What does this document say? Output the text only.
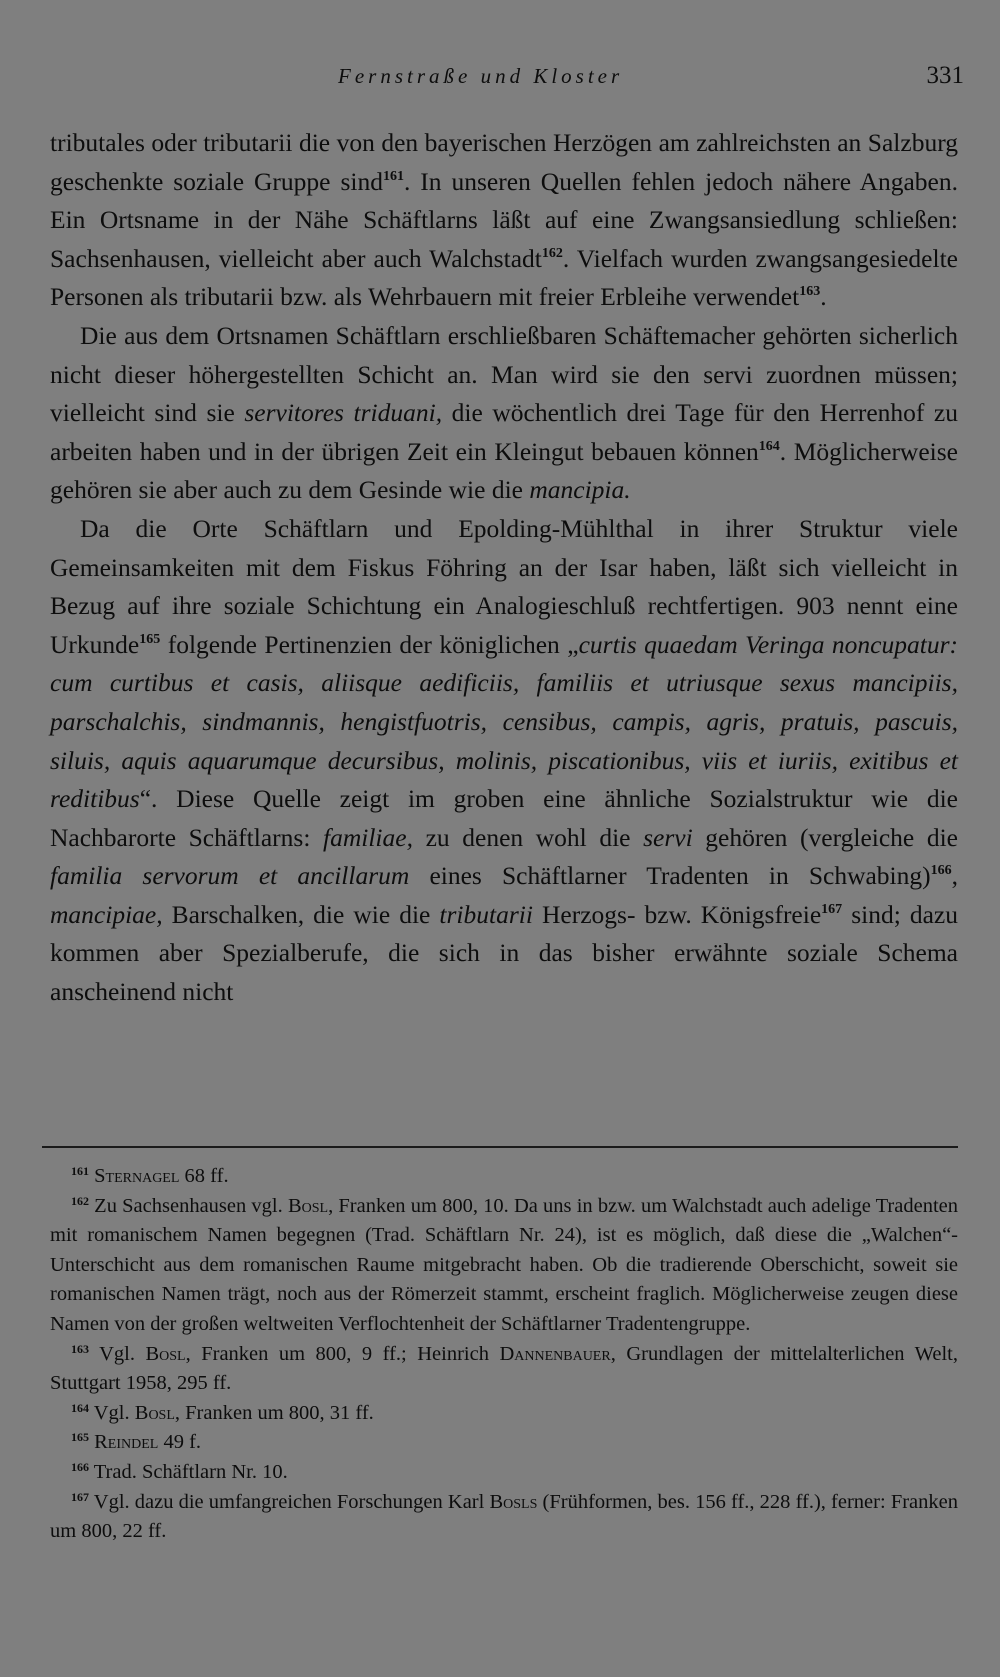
Fernstraße und Kloster	331

tributales oder tributarii die von den bayerischen Herzögen am zahlreichsten an Salzburg geschenkte soziale Gruppe sind$^{161}$. In unseren Quellen fehlen jedoch nähere Angaben. Ein Ortsname in der Nähe Schäftlarns läßt auf eine Zwangsansiedlung schließen: Sachsenhausen, vielleicht aber auch Walchstadt$^{162}$. Vielfach wurden zwangsangesiedelte Personen als tributarii bzw. als Wehrbauern mit freier Erbleihe verwendet$^{163}$.

Die aus dem Ortsnamen Schäftlarn erschließbaren Schäftemacher gehörten sicherlich nicht dieser höhergestellten Schicht an. Man wird sie den servi zuordnen müssen; vielleicht sind sie servitores triduani, die wöchentlich drei Tage für den Herrenhof zu arbeiten haben und in der übrigen Zeit ein Kleingut bebauen können$^{164}$. Möglicherweise gehören sie aber auch zu dem Gesinde wie die mancipia.

Da die Orte Schäftlarn und Epolding-Mühlthal in ihrer Struktur viele Gemeinsamkeiten mit dem Fiskus Föhring an der Isar haben, läßt sich vielleicht in Bezug auf ihre soziale Schichtung ein Analogieschluß rechtfertigen. 903 nennt eine Urkunde$^{165}$ folgende Pertinenzien der königlichen „curtis quaedam Veringa noncupatur: cum curtibus et casis, aliisque aedificiis, familiis et utriusque sexus mancipiis, parschalchis, sindmannis, hengistfuotris, censibus, campis, agris, pratuis, pascuis, siluis, aquis aquarumque decursibus, molinis, piscationibus, viis et iuriis, exitibus et reditibus“. Diese Quelle zeigt im groben eine ähnliche Sozialstruktur wie die Nachbarorte Schäftlarns: familiae, zu denen wohl die servi gehören (vergleiche die familia servorum et ancillarum eines Schäftlarner Tradenten in Schwabing)$^{166}$, mancipiae, Barschalken, die wie die tributarii Herzogs- bzw. Königsfreie$^{167}$ sind; dazu kommen aber Spezialberufe, die sich in das bisher erwähnte soziale Schema anscheinend nicht

$^{161}$ Sternagel 68 ff.

$^{162}$ Zu Sachsenhausen vgl. Bosl, Franken um 800, 10. Da uns in bzw. um Walchstadt auch adelige Tradenten mit romanischem Namen begegnen (Trad. Schäftlarn Nr. 24), ist es möglich, daß diese die „Walchen“-Unterschicht aus dem romanischen Raume mitgebracht haben. Ob die tradierende Oberschicht, soweit sie romanischen Namen trägt, noch aus der Römerzeit stammt, erscheint fraglich. Möglicherweise zeugen diese Namen von der großen weltweiten Verflochtenheit der Schäftlarner Tradentengruppe.

$^{163}$ Vgl. Bosl, Franken um 800, 9 ff.; Heinrich Dannenbauer, Grundlagen der mittelalterlichen Welt, Stuttgart 1958, 295 ff.

$^{164}$ Vgl. Bosl, Franken um 800, 31 ff.

$^{165}$ Reindel 49 f.

$^{166}$ Trad. Schäftlarn Nr. 10.

$^{167}$ Vgl. dazu die umfangreichen Forschungen Karl Bosls (Frühformen, bes. 156 ff., 228 ff.), ferner: Franken um 800, 22 ff.
